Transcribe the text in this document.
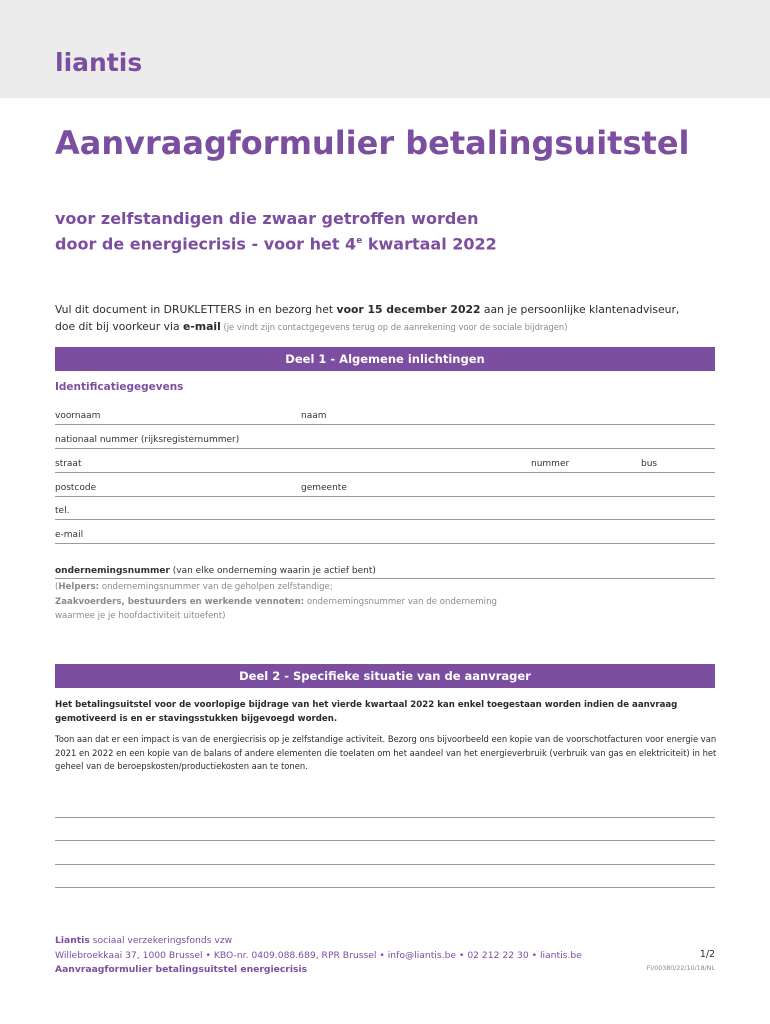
liantis
Aanvraagformulier betalingsuitstel
voor zelfstandigen die zwaar getroffen worden
door de energiecrisis - voor het 4e kwartaal 2022
Vul dit document in DRUKLETTERS in en bezorg het voor 15 december 2022 aan je persoonlijke klantenadviseur,
doe dit bij voorkeur via e-mail (je vindt zijn contactgegevens terug op de aanrekening voor de sociale bijdragen)
Deel 1 - Algemene inlichtingen
Identificatiegegevens
voornaam	naam
nationaal nummer (rijksregisternummer)
straat	nummer	bus
postcode	gemeente
tel.
e-mail
ondernemingsnummer (van elke onderneming waarin je actief bent)
(Helpers: ondernemingsnummer van de geholpen zelfstandige;
Zaakvoerders, bestuurders en werkende vennoten: ondernemingsnummer van de onderneming
waarmee je je hoofdactiviteit uitoefent)
Deel 2 - Specifieke situatie van de aanvrager
Het betalingsuitstel voor de voorlopige bijdrage van het vierde kwartaal 2022 kan enkel toegestaan worden indien de aanvraag gemotiveerd is en er stavingsstukken bijgevoegd worden.
Toon aan dat er een impact is van de energiecrisis op je zelfstandige activiteit. Bezorg ons bijvoorbeeld een kopie van de voorschotfacturen voor energie van 2021 en 2022 en een kopie van de balans of andere elementen die toelaten om het aandeel van het energieverbruik (verbruik van gas en elektriciteit) in het geheel van de beroepskosten/productiekosten aan te tonen.
Liantis sociaal verzekeringsfonds vzw
Willebroekkaai 37, 1000 Brussel • KBO-nr. 0409.088.689, RPR Brussel • info@liantis.be • 02 212 22 30 • liantis.be
Aanvraagformulier betalingsuitstel energiecrisis
1/2
FI/00380/22/10/18/NL
